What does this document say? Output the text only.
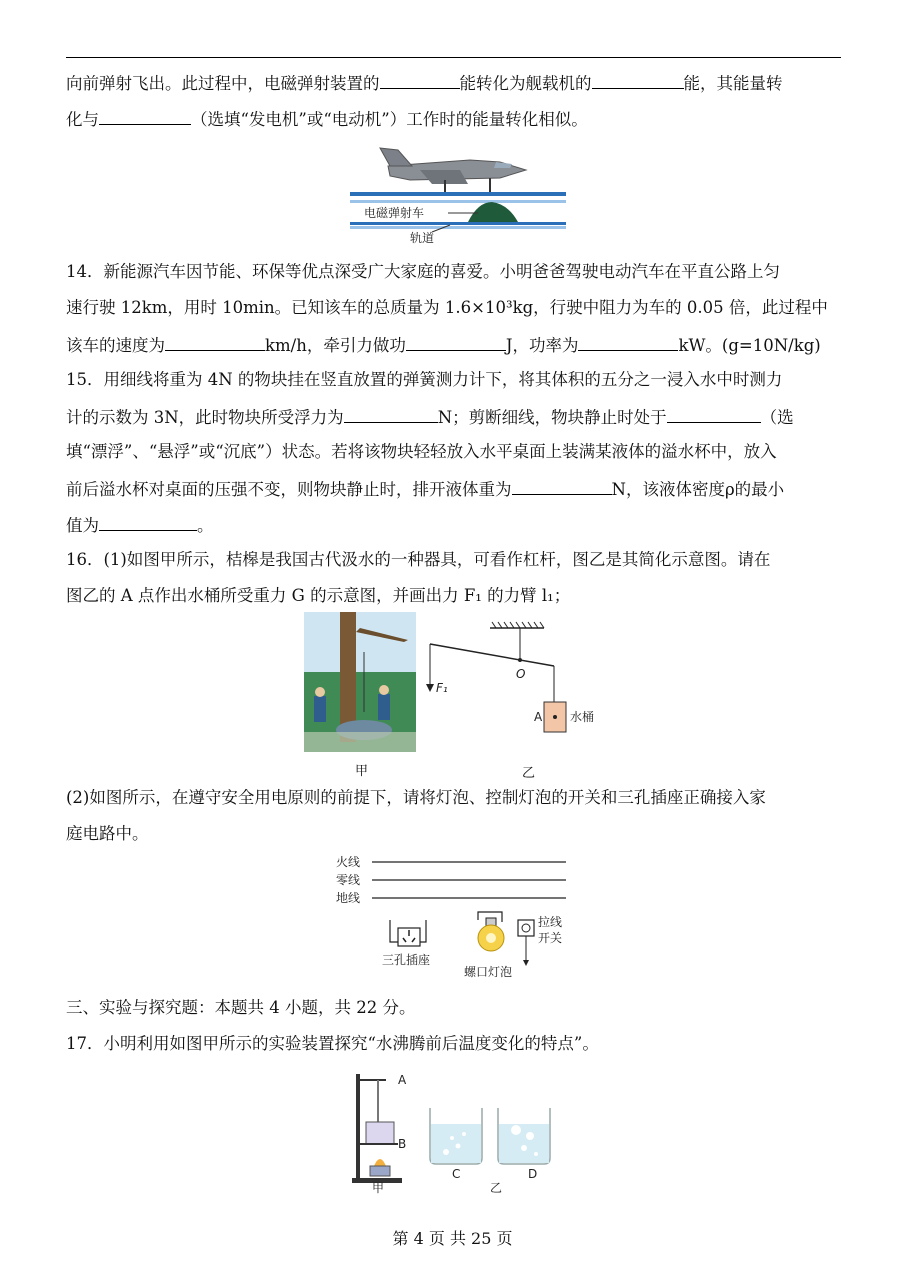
向前弹射飞出。此过程中，电磁弹射装置的	能转化为舰载机的	能，其能量转
化与	（选填“发电机”或“电动机”）工作时的能量转化相似。
电磁弹射车
轨道
14．新能源汽车因节能、环保等优点深受广大家庭的喜爱。小明爸爸驾驶电动汽车在平直公路上匀
速行驶 12km，用时 10min。已知该车的总质量为 1.6×10³kg，行驶中阻力为车的 0.05 倍，此过程中
该车的速度为	km/h，牵引力做功	J，功率为	kW。(g=10N/kg)
15．用细线将重为 4N 的物块挂在竖直放置的弹簧测力计下，将其体积的五分之一浸入水中时测力
计的示数为 3N，此时物块所受浮力为	N；剪断细线，物块静止时处于	（选
填“漂浮”、“悬浮”或“沉底”）状态。若将该物块轻轻放入水平桌面上装满某液体的溢水杯中，放入
前后溢水杯对桌面的压强不变，则物块静止时，排开液体重为	N，该液体密度ρ的最小
值为	。
16．(1)如图甲所示，桔槔是我国古代汲水的一种器具，可看作杠杆，图乙是其简化示意图。请在
图乙的 A 点作出水桶所受重力 G 的示意图，并画出力 F₁ 的力臂 l₁；
O
F₁
A 水桶
甲	乙
(2)如图所示，在遵守安全用电原则的前提下，请将灯泡、控制灯泡的开关和三孔插座正确接入家
庭电路中。
火线
零线
地线
三孔插座
螺口灯泡
拉线
开关
三、实验与探究题：本题共 4 小题，共 22 分。
17．小明利用如图甲所示的实验装置探究“水沸腾前后温度变化的特点”。
A
B
C	D
甲	乙
第 4 页 共 25 页
